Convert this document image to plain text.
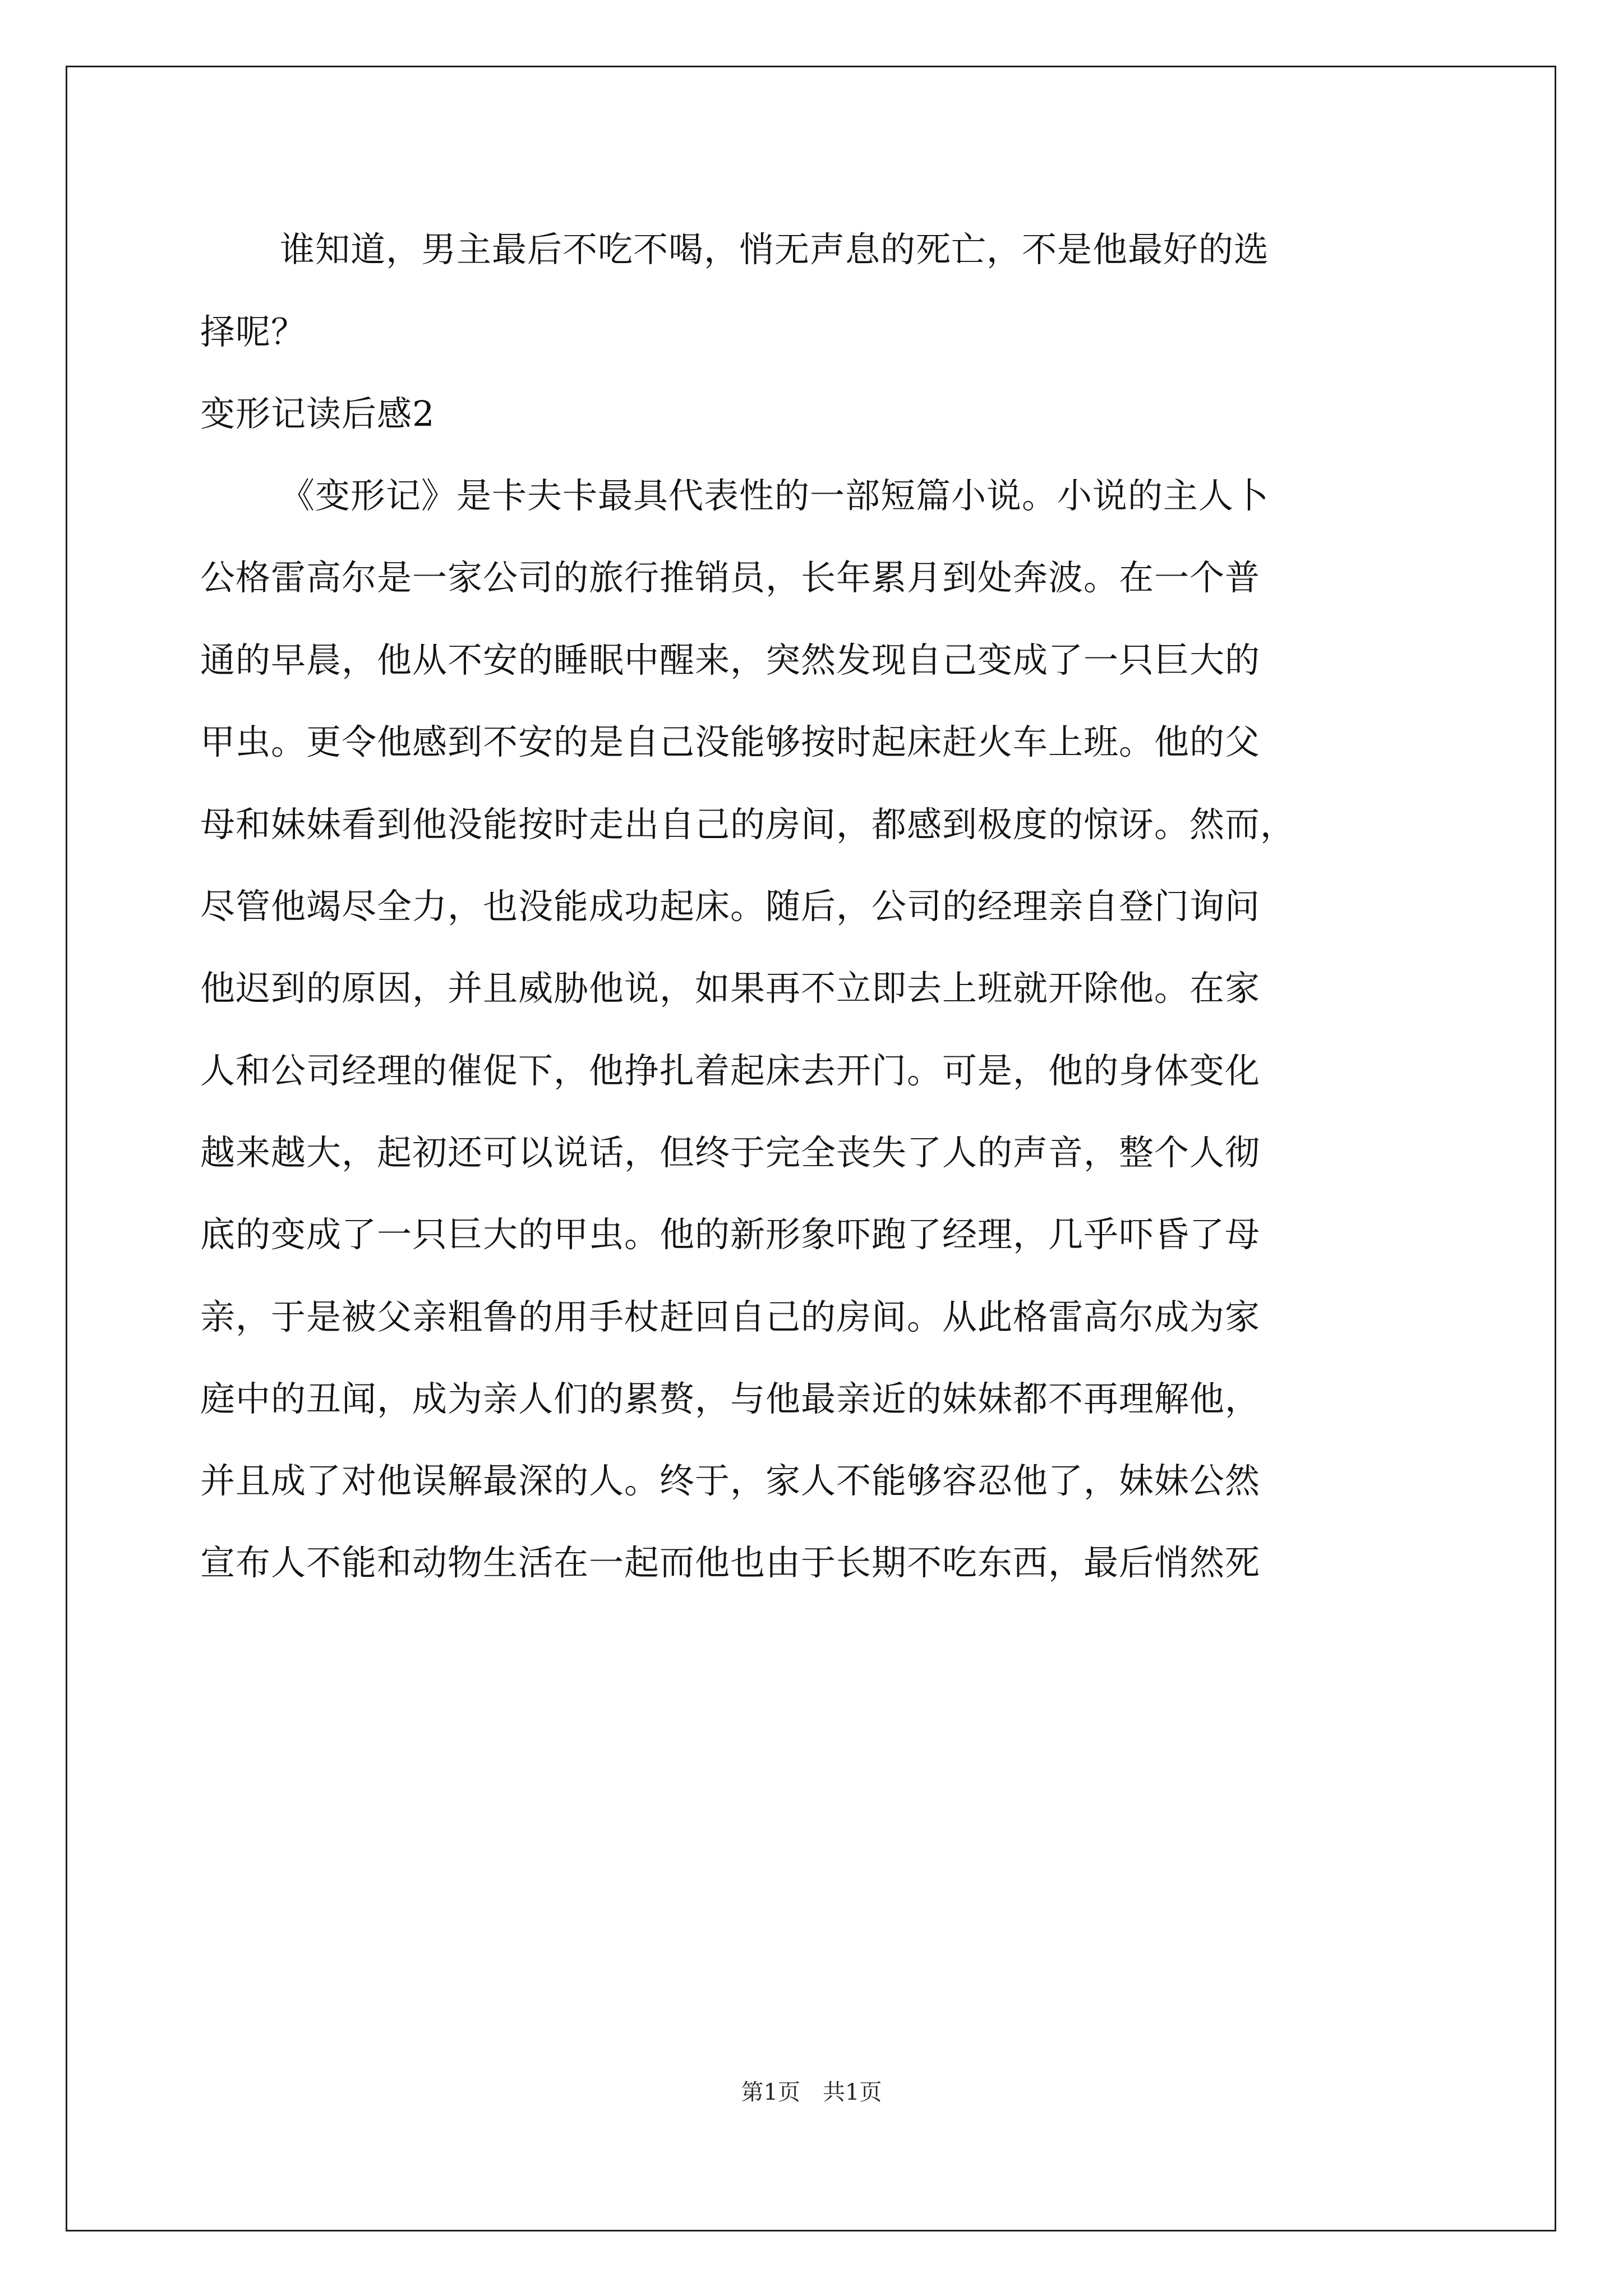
谁知道，男主最后不吃不喝，悄无声息的死亡，不是他最好的选
择呢？
变形记读后感2
《变形记》是卡夫卡最具代表性的一部短篇小说。小说的主人卜
公格雷高尔是一家公司的旅行推销员，长年累月到处奔波。在一个普
通的早晨，他从不安的睡眠中醒来，突然发现自己变成了一只巨大的
甲虫。更令他感到不安的是自己没能够按时起床赶火车上班。他的父
母和妹妹看到他没能按时走出自己的房间，都感到极度的惊讶。然而，
尽管他竭尽全力，也没能成功起床。随后，公司的经理亲自登门询问
他迟到的原因，并且威胁他说，如果再不立即去上班就开除他。在家
人和公司经理的催促下，他挣扎着起床去开门。可是，他的身体变化
越来越大，起初还可以说话，但终于完全丧失了人的声音，整个人彻
底的变成了一只巨大的甲虫。他的新形象吓跑了经理，几乎吓昏了母
亲，于是被父亲粗鲁的用手杖赶回自己的房间。从此格雷高尔成为家
庭中的丑闻，成为亲人们的累赘，与他最亲近的妹妹都不再理解他，
并且成了对他误解最深的人。终于，家人不能够容忍他了，妹妹公然
宣布人不能和动物生活在一起而他也由于长期不吃东西，最后悄然死
第1页　共1页
